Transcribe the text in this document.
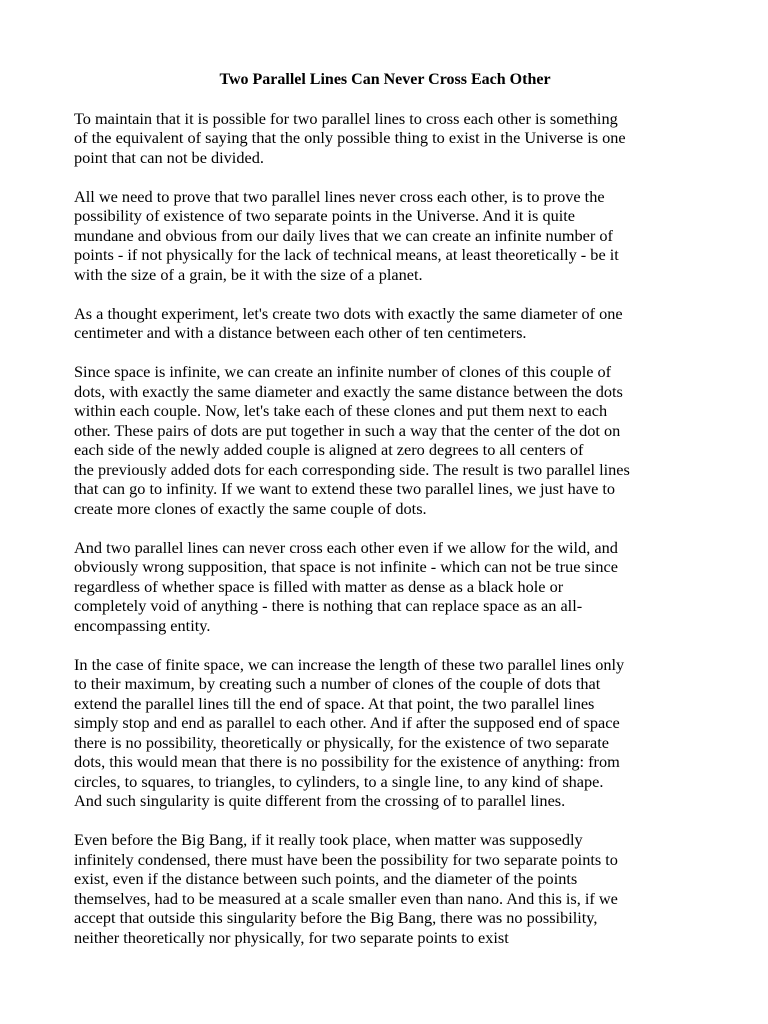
Two Parallel Lines Can Never Cross Each Other

To maintain that it is possible for two parallel lines to cross each other is something
of the equivalent of saying that the only possible thing to exist in the Universe is one
point that can not be divided.

All we need to prove that two parallel lines never cross each other, is to prove the
possibility of existence of two separate points in the Universe. And it is quite
mundane and obvious from our daily lives that we can create an infinite number of
points - if not physically for the lack of technical means, at least theoretically - be it
with the size of a grain, be it with the size of a planet.

As a thought experiment, let's create two dots with exactly the same diameter of one
centimeter and with a distance between each other of ten centimeters.

Since space is infinite, we can create an infinite number of clones of this couple of
dots, with exactly the same diameter and exactly the same distance between the dots
within each couple. Now, let's take each of these clones and put them next to each
other. These pairs of dots are put together in such a way that the center of the dot on
each side of the newly added couple is aligned at zero degrees to all centers of
the previously added dots for each corresponding side. The result is two parallel lines
that can go to infinity. If we want to extend these two parallel lines, we just have to
create more clones of exactly the same couple of dots.

And two parallel lines can never cross each other even if we allow for the wild, and
obviously wrong supposition, that space is not infinite - which can not be true since
regardless of whether space is filled with matter as dense as a black hole or
completely void of anything - there is nothing that can replace space as an all-
encompassing entity.

In the case of finite space, we can increase the length of these two parallel lines only
to their maximum, by creating such a number of clones of the couple of dots that
extend the parallel lines till the end of space. At that point, the two parallel lines
simply stop and end as parallel to each other. And if after the supposed end of space
there is no possibility, theoretically or physically, for the existence of two separate
dots, this would mean that there is no possibility for the existence of anything: from
circles, to squares, to triangles, to cylinders, to a single line, to any kind of shape.
And such singularity is quite different from the crossing of to parallel lines.

Even before the Big Bang, if it really took place, when matter was supposedly
infinitely condensed, there must have been the possibility for two separate points to
exist, even if the distance between such points, and the diameter of the points
themselves, had to be measured at a scale smaller even than nano. And this is, if we
accept that outside this singularity before the Big Bang, there was no possibility,
neither theoretically nor physically, for two separate points to exist
